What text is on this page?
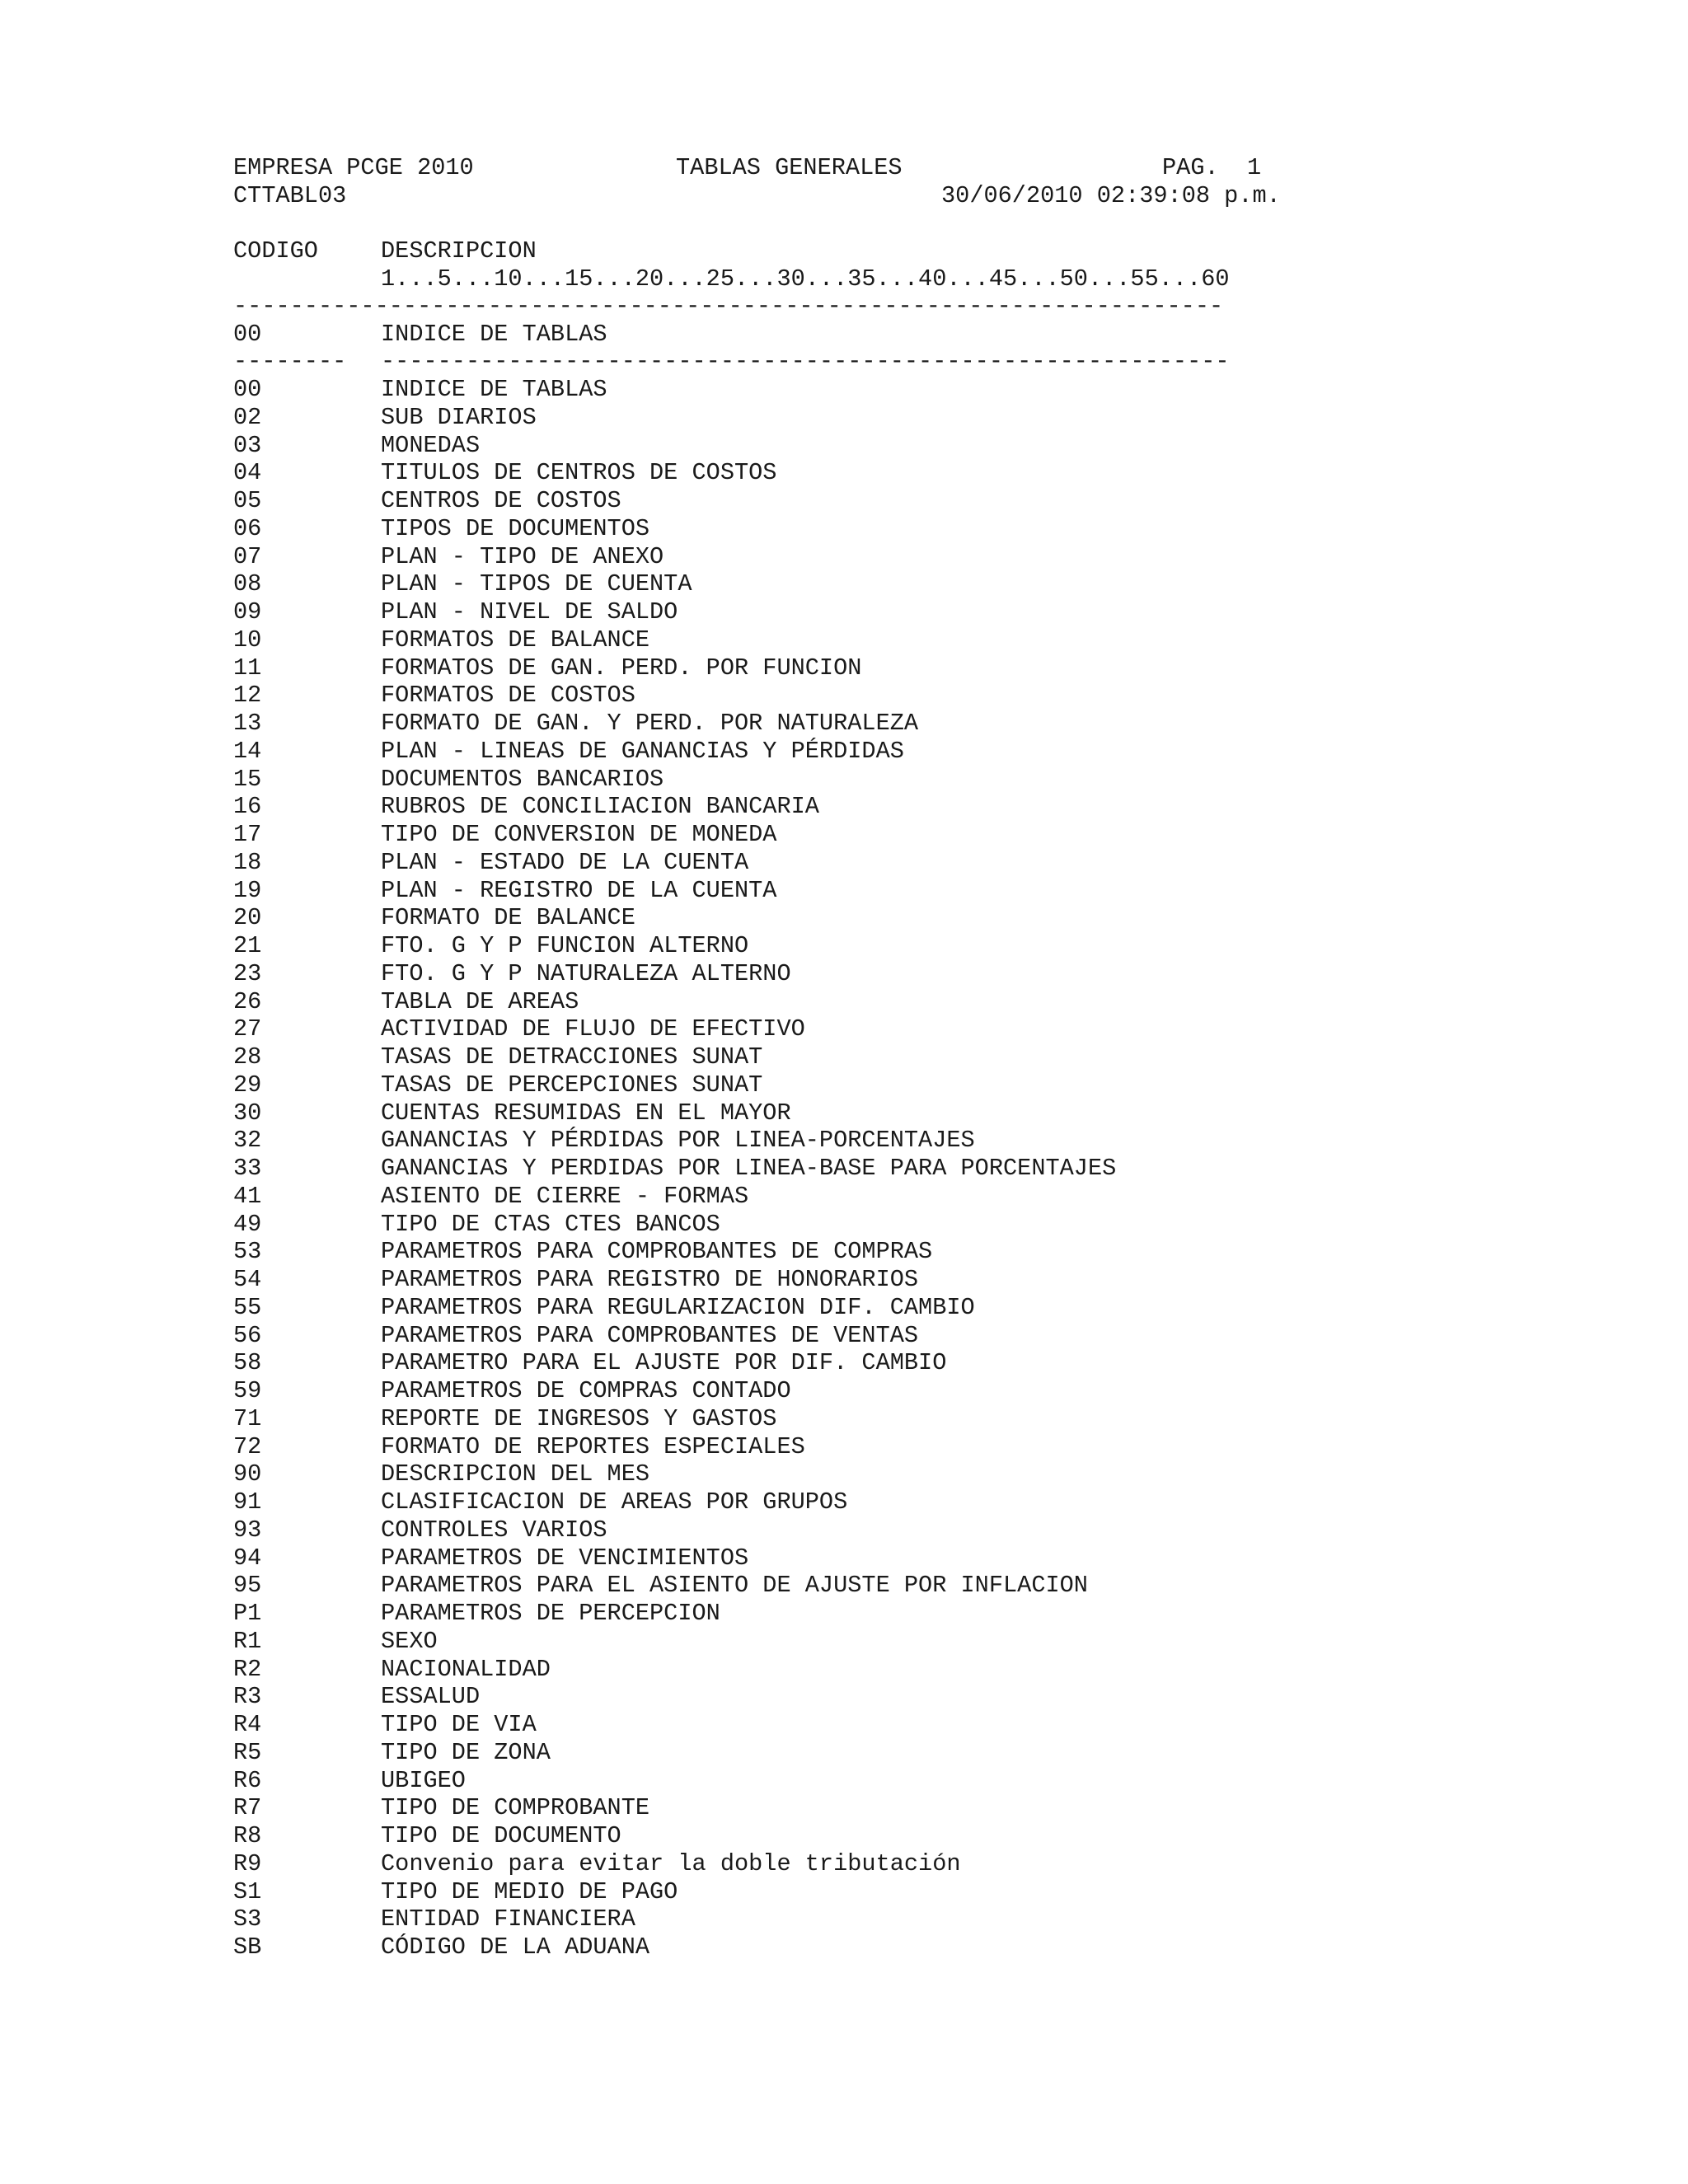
EMPRESA PCGE 2010	TABLAS GENERALES	PAG.  1
CTTABL03	30/06/2010 02:39:08 p.m.
CODIGO	DESCRIPCION
1...5...10...15...20...25...30...35...40...45...50...55...60
----------------------------------------------------------------------
00	INDICE DE TABLAS
-------- ------------------------------------------------------------
00	INDICE DE TABLAS
02	SUB DIARIOS
03	MONEDAS
04	TITULOS DE CENTROS DE COSTOS
05	CENTROS DE COSTOS
06	TIPOS DE DOCUMENTOS
07	PLAN - TIPO DE ANEXO
08	PLAN - TIPOS DE CUENTA
09	PLAN - NIVEL DE SALDO
10	FORMATOS DE BALANCE
11	FORMATOS DE GAN. PERD. POR FUNCION
12	FORMATOS DE COSTOS
13	FORMATO DE GAN. Y PERD. POR NATURALEZA
14	PLAN - LINEAS DE GANANCIAS Y PÉRDIDAS
15	DOCUMENTOS BANCARIOS
16	RUBROS DE CONCILIACION BANCARIA
17	TIPO DE CONVERSION DE MONEDA
18	PLAN - ESTADO DE LA CUENTA
19	PLAN - REGISTRO DE LA CUENTA
20	FORMATO DE BALANCE
21	FTO. G Y P FUNCION ALTERNO
23	FTO. G Y P NATURALEZA ALTERNO
26	TABLA DE AREAS
27	ACTIVIDAD DE FLUJO DE EFECTIVO
28	TASAS DE DETRACCIONES SUNAT
29	TASAS DE PERCEPCIONES SUNAT
30	CUENTAS RESUMIDAS EN EL MAYOR
32	GANANCIAS Y PÉRDIDAS POR LINEA-PORCENTAJES
33	GANANCIAS Y PERDIDAS POR LINEA-BASE PARA PORCENTAJES
41	ASIENTO DE CIERRE - FORMAS
49	TIPO DE CTAS CTES BANCOS
53	PARAMETROS PARA COMPROBANTES DE COMPRAS
54	PARAMETROS PARA REGISTRO DE HONORARIOS
55	PARAMETROS PARA REGULARIZACION DIF. CAMBIO
56	PARAMETROS PARA COMPROBANTES DE VENTAS
58	PARAMETRO PARA EL AJUSTE POR DIF. CAMBIO
59	PARAMETROS DE COMPRAS CONTADO
71	REPORTE DE INGRESOS Y GASTOS
72	FORMATO DE REPORTES ESPECIALES
90	DESCRIPCION DEL MES
91	CLASIFICACION DE AREAS POR GRUPOS
93	CONTROLES VARIOS
94	PARAMETROS DE VENCIMIENTOS
95	PARAMETROS PARA EL ASIENTO DE AJUSTE POR INFLACION
P1	PARAMETROS DE PERCEPCION
R1	SEXO
R2	NACIONALIDAD
R3	ESSALUD
R4	TIPO DE VIA
R5	TIPO DE ZONA
R6	UBIGEO
R7	TIPO DE COMPROBANTE
R8	TIPO DE DOCUMENTO
R9	Convenio para evitar la doble tributación
S1	TIPO DE MEDIO DE PAGO
S3	ENTIDAD FINANCIERA
SB	CÓDIGO DE LA ADUANA
